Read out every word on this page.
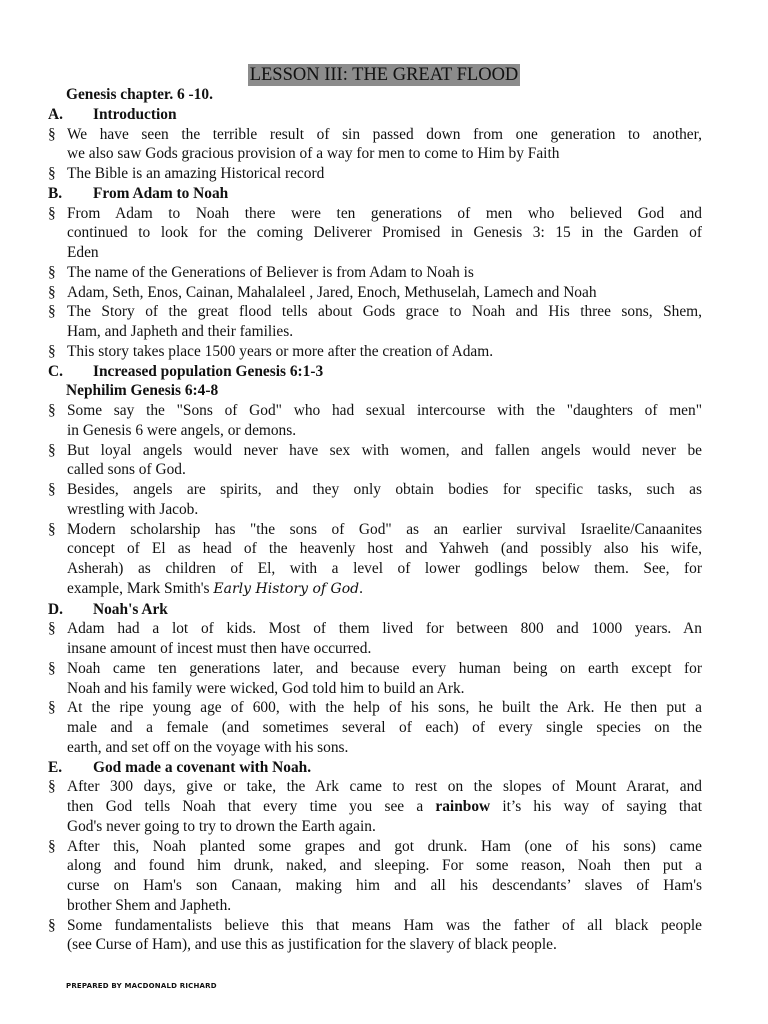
LESSON III: THE GREAT FLOOD
Genesis chapter. 6 -10.
A. Introduction
§ We have seen the terrible result of sin passed down from one generation to another,
we also saw Gods gracious provision of a way for men to come to Him by Faith
§ The Bible is an amazing Historical record
B. From Adam to Noah
§ From Adam to Noah there were ten generations of men who believed God and
continued to look for the coming Deliverer Promised in Genesis 3: 15 in the Garden of
Eden
§ The name of the Generations of Believer is from Adam to Noah is
§ Adam, Seth, Enos, Cainan, Mahalaleel , Jared, Enoch, Methuselah, Lamech and Noah
§ The Story of the great flood tells about Gods grace to Noah and His three sons, Shem,
Ham, and Japheth and their families.
§ This story takes place 1500 years or more after the creation of Adam.
C. Increased population Genesis 6:1-3
Nephilim Genesis 6:4-8
§ Some say the "Sons of God" who had sexual intercourse with the "daughters of men"
in Genesis 6 were angels, or demons.
§ But loyal angels would never have sex with women, and fallen angels would never be
called sons of God.
§ Besides, angels are spirits, and they only obtain bodies for specific tasks, such as
wrestling with Jacob.
§ Modern scholarship has "the sons of God" as an earlier survival Israelite/Canaanites
concept of El as head of the heavenly host and Yahweh (and possibly also his wife,
Asherah) as children of El, with a level of lower godlings below them. See, for
example, Mark Smith's Early History of God.
D. Noah's Ark
§ Adam had a lot of kids. Most of them lived for between 800 and 1000 years. An
insane amount of incest must then have occurred.
§ Noah came ten generations later, and because every human being on earth except for
Noah and his family were wicked, God told him to build an Ark.
§ At the ripe young age of 600, with the help of his sons, he built the Ark. He then put a
male and a female (and sometimes several of each) of every single species on the
earth, and set off on the voyage with his sons.
E. God made a covenant with Noah.
§ After 300 days, give or take, the Ark came to rest on the slopes of Mount Ararat, and
then God tells Noah that every time you see a rainbow it’s his way of saying that
God's never going to try to drown the Earth again.
§ After this, Noah planted some grapes and got drunk. Ham (one of his sons) came
along and found him drunk, naked, and sleeping. For some reason, Noah then put a
curse on Ham's son Canaan, making him and all his descendants’ slaves of Ham's
brother Shem and Japheth.
§ Some fundamentalists believe this that means Ham was the father of all black people
(see Curse of Ham), and use this as justification for the slavery of black people.
PREPARED BY MACDONALD RICHARD
